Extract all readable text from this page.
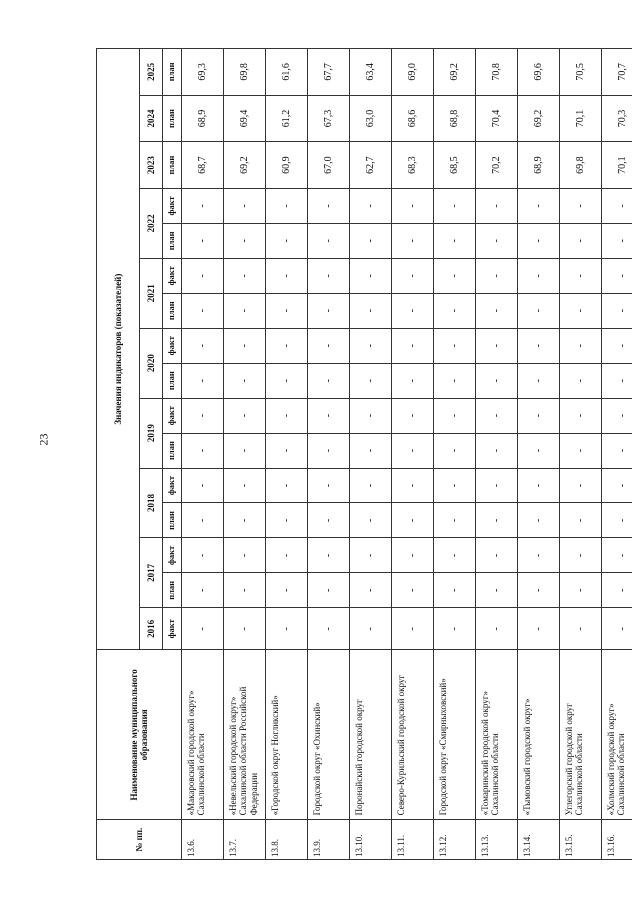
23
№ пп.	Наименование муниципального образования	Значения индикаторов (показателей)															
		2016	2017		2018		2019		2020		2021		2022		2023	2024	2025
		факт	план	факт	план	факт	план	факт	план	факт	план	факт	план	факт	план	план	план
13.6.	«Макаровский городской округ» Сахалинской области	-	-	-	-	-	-	-	-	-	-	-	-	-	68,7	68,9	69,3
13.7.	«Невельский городской округ» Сахалинской области Российской Федерации	-	-	-	-	-	-	-	-	-	-	-	-	-	69,2	69,4	69,8
13.8.	«Городской округ Ногликский»	-	-	-	-	-	-	-	-	-	-	-	-	-	60,9	61,2	61,6
13.9.	Городской округ «Охинский»	-	-	-	-	-	-	-	-	-	-	-	-	-	67,0	67,3	67,7
13.10.	Поронайский городской округ	-	-	-	-	-	-	-	-	-	-	-	-	-	62,7	63,0	63,4
13.11.	Северо-Курильский городской округ	-	-	-	-	-	-	-	-	-	-	-	-	-	68,3	68,6	69,0
13.12.	Городской округ «Смирныховский»	-	-	-	-	-	-	-	-	-	-	-	-	-	68,5	68,8	69,2
13.13.	«Томаринский городской округ» Сахалинской области	-	-	-	-	-	-	-	-	-	-	-	-	-	70,2	70,4	70,8
13.14.	«Тымовский городской округ»	-	-	-	-	-	-	-	-	-	-	-	-	-	68,9	69,2	69,6
13.15.	Углегорский городской округ Сахалинской области	-	-	-	-	-	-	-	-	-	-	-	-	-	69,8	70,1	70,5
13.16.	«Холмский городской округ» Сахалинской области	-	-	-	-	-	-	-	-	-	-	-	-	-	70,1	70,3	70,7
